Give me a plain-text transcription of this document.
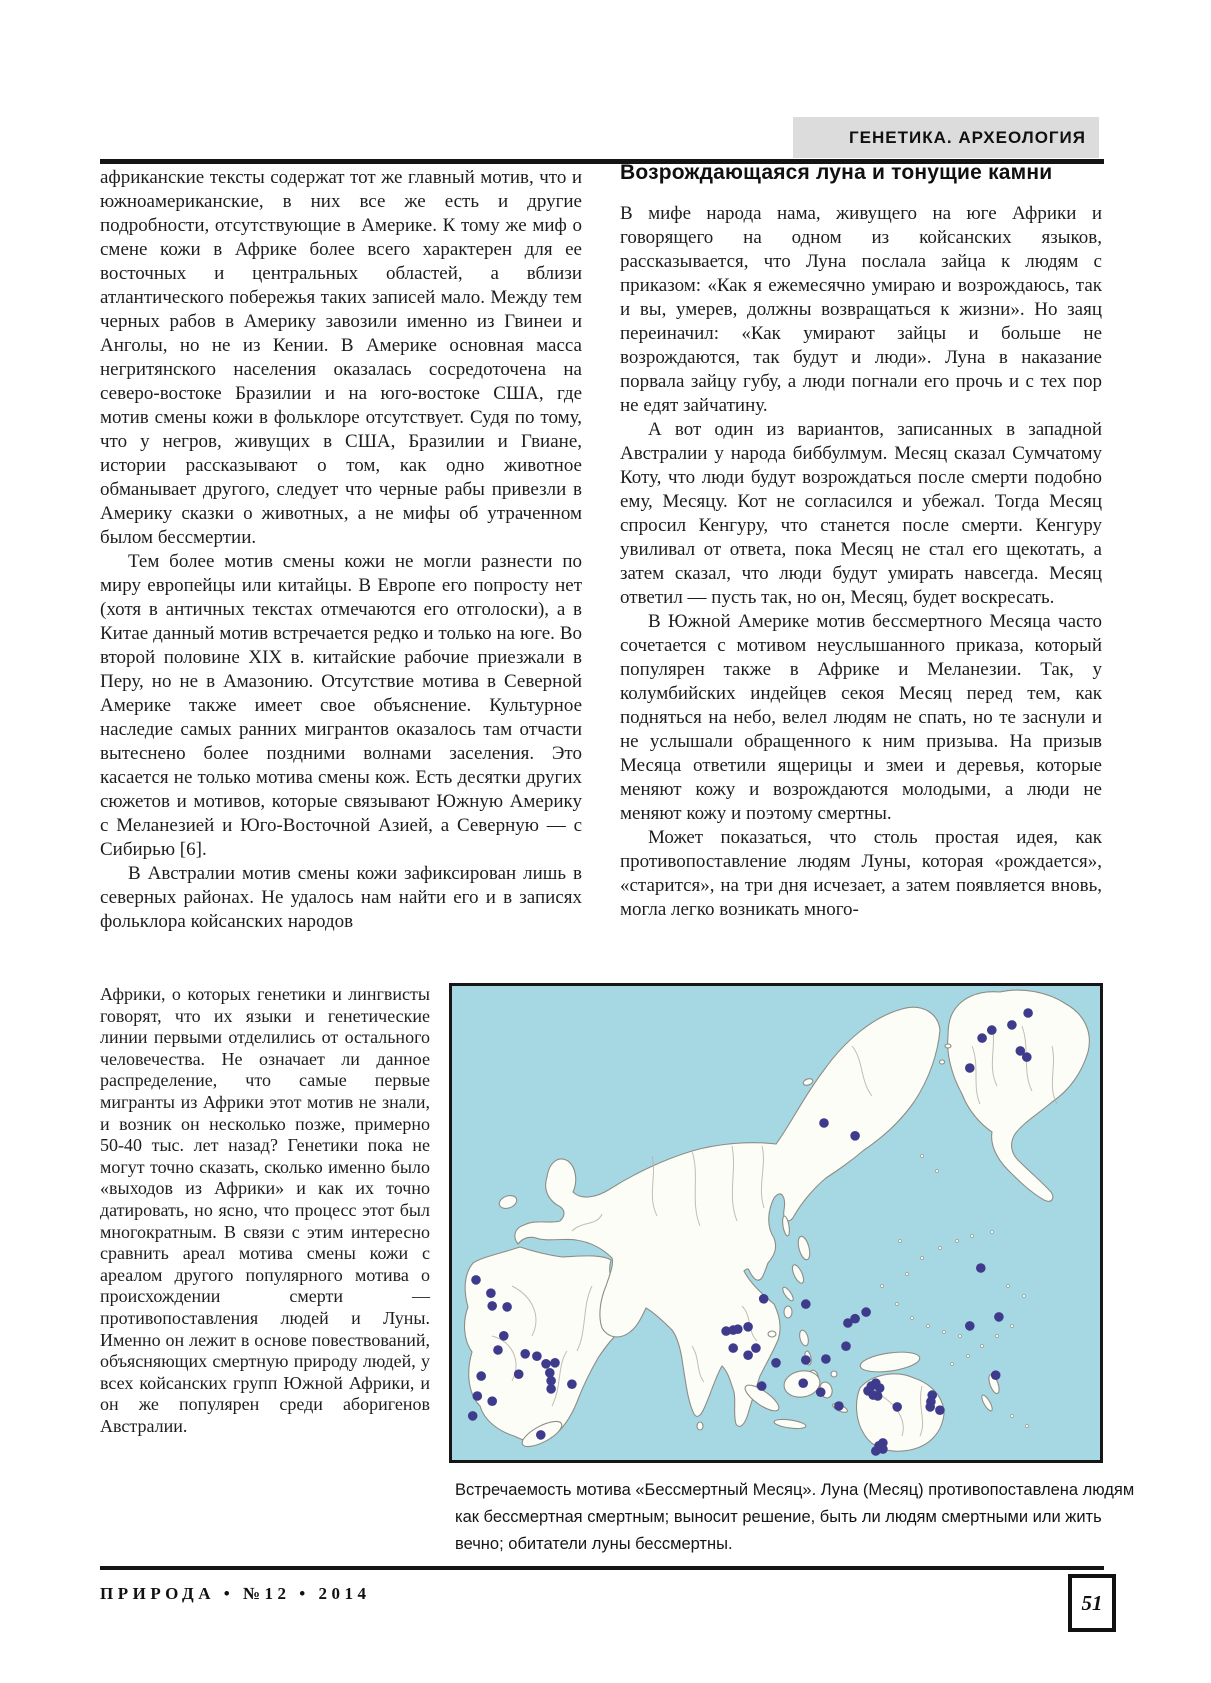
ГЕНЕТИКА. АРХЕОЛОГИЯ

африканские тексты содержат тот же главный мотив, что и южноамериканские, в них все же есть и другие подробности, отсутствующие в Америке. К тому же миф о смене кожи в Африке более всего характерен для ее восточных и центральных областей, а вблизи атлантического побережья таких записей мало. Между тем черных рабов в Америку завозили именно из Гвинеи и Анголы, но не из Кении. В Америке основная масса негритянского населения оказалась сосредоточена на северо-востоке Бразилии и на юго-востоке США, где мотив смены кожи в фольклоре отсутствует. Судя по тому, что у негров, живущих в США, Бразилии и Гвиане, истории рассказывают о том, как одно животное обманывает другого, следует что черные рабы привезли в Америку сказки о животных, а не мифы об утраченном былом бессмертии.

Тем более мотив смены кожи не могли разнести по миру европейцы или китайцы. В Европе его попросту нет (хотя в античных текстах отмечаются его отголоски), а в Китае данный мотив встречается редко и только на юге. Во второй половине XIX в. китайские рабочие приезжали в Перу, но не в Амазонию. Отсутствие мотива в Северной Америке также имеет свое объяснение. Культурное наследие самых ранних мигрантов оказалось там отчасти вытеснено более поздними волнами заселения. Это касается не только мотива смены кож. Есть десятки других сюжетов и мотивов, которые связывают Южную Америку с Меланезией и Юго-Восточной Азией, а Северную — с Сибирью [6].

В Австралии мотив смены кожи зафиксирован лишь в северных районах. Не удалось нам найти его и в записях фольклора койсанских народов

Африки, о которых генетики и лингвисты говорят, что их языки и генетические линии первыми отделились от остального человечества. Не означает ли данное распределение, что самые первые мигранты из Африки этот мотив не знали, и возник он несколько позже, примерно 50-40 тыс. лет назад? Генетики пока не могут точно сказать, сколько именно было «выходов из Африки» и как их точно датировать, но ясно, что процесс этот был многократным. В связи с этим интересно сравнить ареал мотива смены кожи с ареалом другого популярного мотива о происхождении смерти — противопоставления людей и Луны. Именно он лежит в основе повествований, объясняющих смертную природу людей, у всех койсанских групп Южной Африки, и он же популярен среди аборигенов Австралии.

Возрождающаяся луна и тонущие камни

В мифе народа нама, живущего на юге Африки и говорящего на одном из койсанских языков, рассказывается, что Луна послала зайца к людям с приказом: «Как я ежемесячно умираю и возрождаюсь, так и вы, умерев, должны возвращаться к жизни». Но заяц переиначил: «Как умирают зайцы и больше не возрождаются, так будут и люди». Луна в наказание порвала зайцу губу, а люди погнали его прочь и с тех пор не едят зайчатину.

А вот один из вариантов, записанных в западной Австралии у народа биббулмум. Месяц сказал Сумчатому Коту, что люди будут возрождаться после смерти подобно ему, Месяцу. Кот не согласился и убежал. Тогда Месяц спросил Кенгуру, что станется после смерти. Кенгуру увиливал от ответа, пока Месяц не стал его щекотать, а затем сказал, что люди будут умирать навсегда. Месяц ответил — пусть так, но он, Месяц, будет воскресать.

В Южной Америке мотив бессмертного Месяца часто сочетается с мотивом неуслышанного приказа, который популярен также в Африке и Меланезии. Так, у колумбийских индейцев секоя Месяц перед тем, как подняться на небо, велел людям не спать, но те заснули и не услышали обращенного к ним призыва. На призыв Месяца ответили ящерицы и змеи и деревья, которые меняют кожу и возрождаются молодыми, а люди не меняют кожу и поэтому смертны.

Может показаться, что столь простая идея, как противопоставление людям Луны, которая «рождается», «старится», на три дня исчезает, а затем появляется вновь, могла легко возникать много-

Встречаемость мотива «Бессмертный Месяц». Луна (Месяц) противопоставлена людям как бессмертная смертным; выносит решение, быть ли людям смертными или жить вечно; обитатели луны бессмертны.
ПРИРОДА • №12 • 2014	51
